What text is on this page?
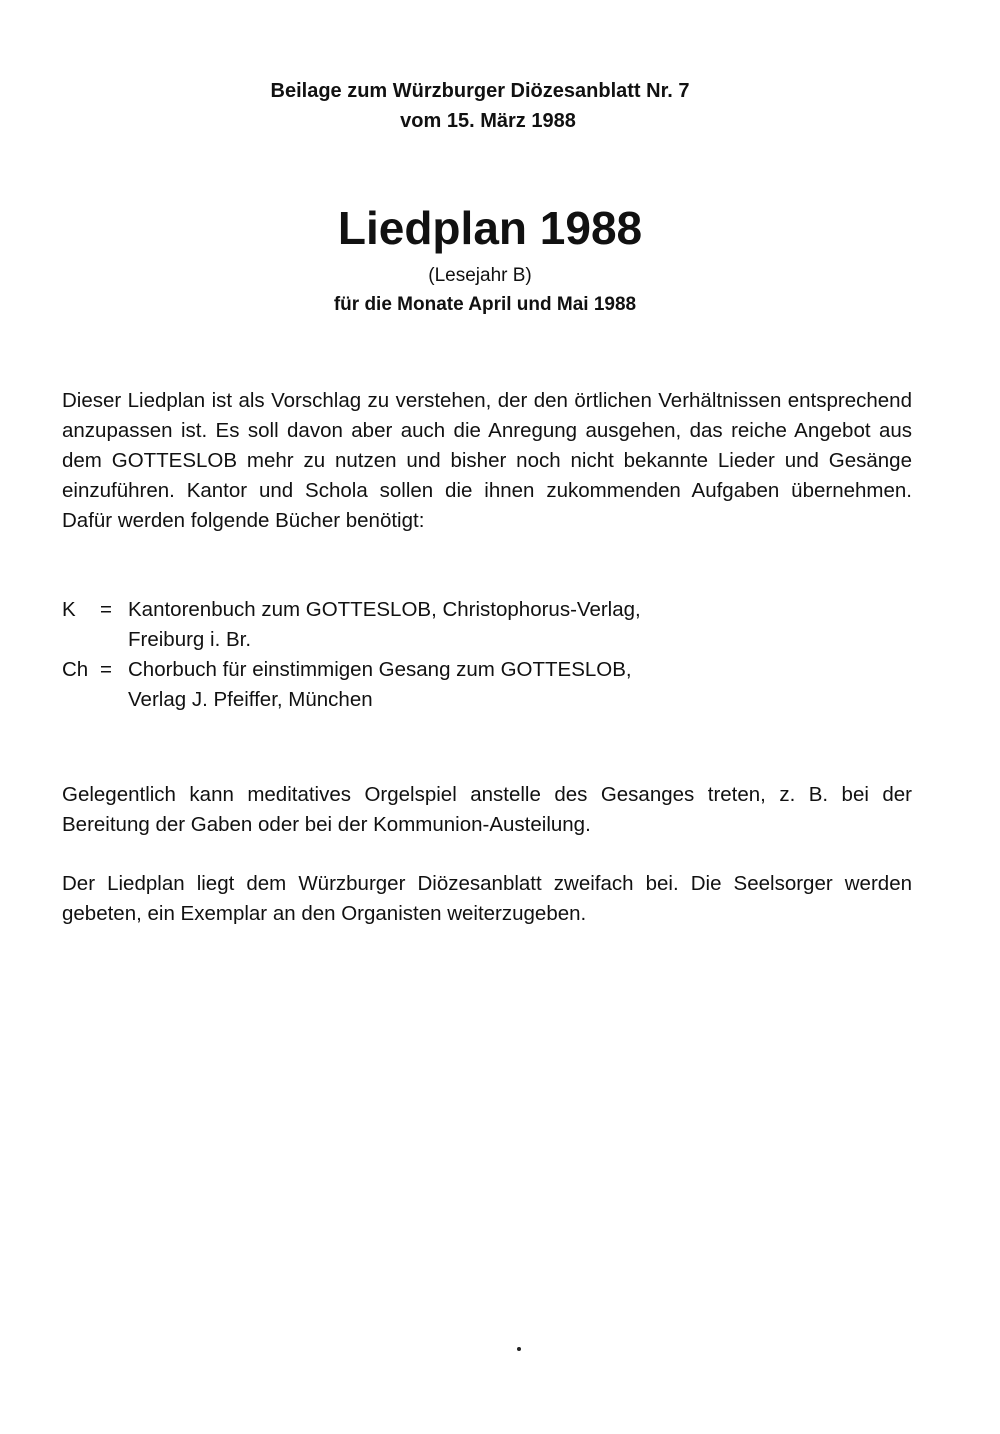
Beilage zum Würzburger Diözesanblatt Nr. 7
vom 15. März 1988
Liedplan 1988
(Lesejahr B)
für die Monate April und Mai 1988

Dieser Liedplan ist als Vorschlag zu verstehen, der den örtlichen Verhältnissen entsprechend anzupassen ist. Es soll davon aber auch die Anregung ausgehen, das reiche Angebot aus dem GOTTESLOB mehr zu nutzen und bisher noch nicht bekannte Lieder und Gesänge einzuführen. Kantor und Schola sollen die ihnen zukommenden Aufgaben übernehmen. Dafür werden folgende Bücher benötigt:

K	= Kantorenbuch zum GOTTESLOB, Christophorus-Verlag,
Freiburg i. Br.
Ch = Chorbuch für einstimmigen Gesang zum GOTTESLOB,
Verlag J. Pfeiffer, München

Gelegentlich kann meditatives Orgelspiel anstelle des Gesanges treten, z. B. bei der Bereitung der Gaben oder bei der Kommunion-Austeilung.

Der Liedplan liegt dem Würzburger Diözesanblatt zweifach bei. Die Seelsorger werden gebeten, ein Exemplar an den Organisten weiterzugeben.
